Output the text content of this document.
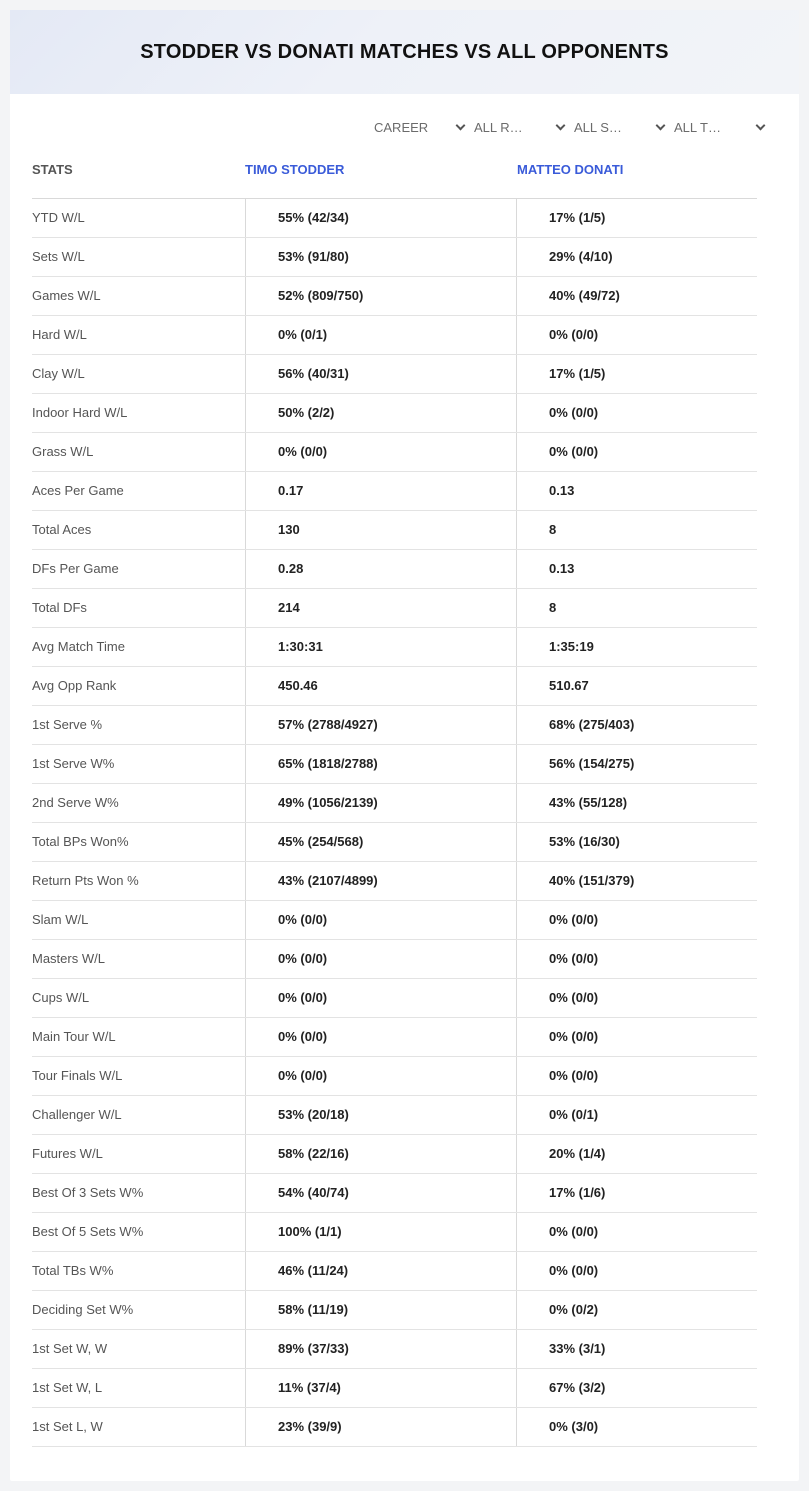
STODDER VS DONATI MATCHES VS ALL OPPONENTS
CAREER	ALL R…	ALL S…	ALL T…
STATS	TIMO STODDER	MATTEO DONATI
YTD W/L	55% (42/34)	17% (1/5)
Sets W/L	53% (91/80)	29% (4/10)
Games W/L	52% (809/750)	40% (49/72)
Hard W/L	0% (0/1)	0% (0/0)
Clay W/L	56% (40/31)	17% (1/5)
Indoor Hard W/L	50% (2/2)	0% (0/0)
Grass W/L	0% (0/0)	0% (0/0)
Aces Per Game	0.17	0.13
Total Aces	130	8
DFs Per Game	0.28	0.13
Total DFs	214	8
Avg Match Time	1:30:31	1:35:19
Avg Opp Rank	450.46	510.67
1st Serve %	57% (2788/4927)	68% (275/403)
1st Serve W%	65% (1818/2788)	56% (154/275)
2nd Serve W%	49% (1056/2139)	43% (55/128)
Total BPs Won%	45% (254/568)	53% (16/30)
Return Pts Won %	43% (2107/4899)	40% (151/379)
Slam W/L	0% (0/0)	0% (0/0)
Masters W/L	0% (0/0)	0% (0/0)
Cups W/L	0% (0/0)	0% (0/0)
Main Tour W/L	0% (0/0)	0% (0/0)
Tour Finals W/L	0% (0/0)	0% (0/0)
Challenger W/L	53% (20/18)	0% (0/1)
Futures W/L	58% (22/16)	20% (1/4)
Best Of 3 Sets W%	54% (40/74)	17% (1/6)
Best Of 5 Sets W%	100% (1/1)	0% (0/0)
Total TBs W%	46% (11/24)	0% (0/0)
Deciding Set W%	58% (11/19)	0% (0/2)
1st Set W, W	89% (37/33)	33% (3/1)
1st Set W, L	11% (37/4)	67% (3/2)
1st Set L, W	23% (39/9)	0% (3/0)
